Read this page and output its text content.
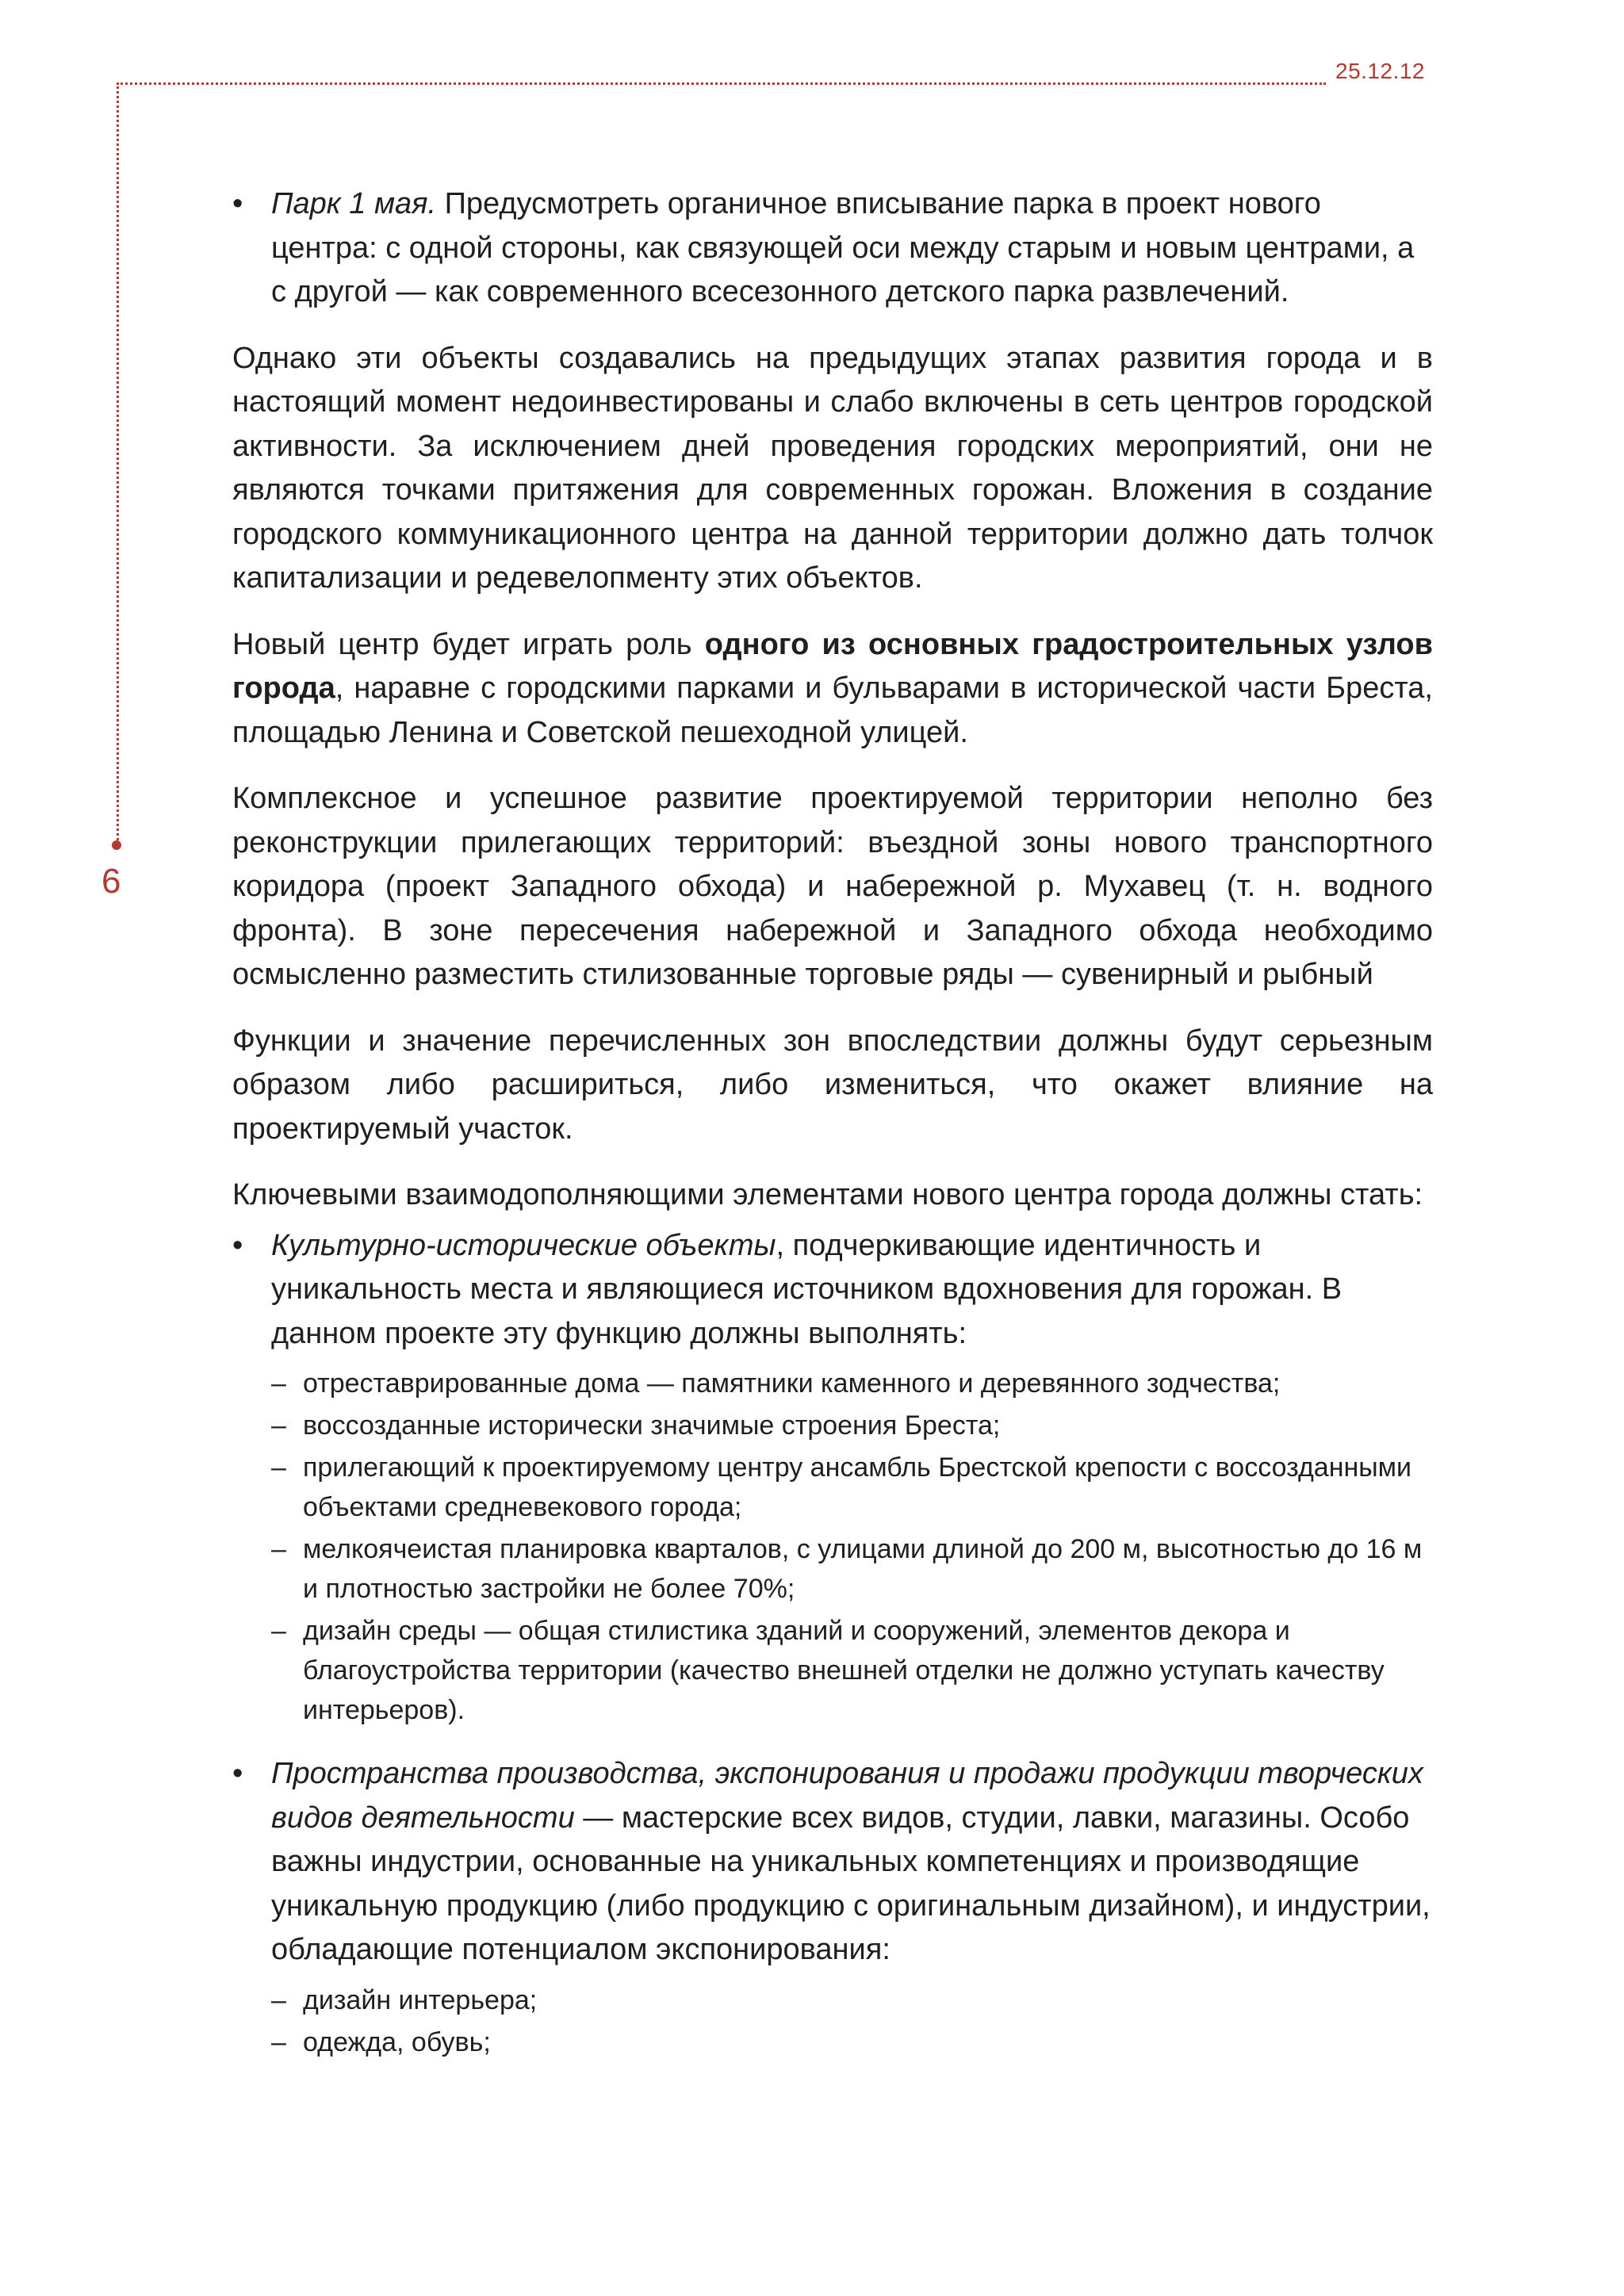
25.12.12
6
• Парк 1 мая. Предусмотреть органичное вписывание парка в проект нового центра: с одной стороны, как связующей оси между старым и новым центрами, а с другой — как современного всесезонного детского парка развлечений.

Однако эти объекты создавались на предыдущих этапах развития города и в настоящий момент недоинвестированы и слабо включены в сеть центров городской активности. За исключением дней проведения городских мероприятий, они не являются точками притяжения для современных горожан. Вложения в создание городского коммуникационного центра на данной территории должно дать толчок капитализации и редевелопменту этих объектов.

Новый центр будет играть роль одного из основных градостроительных узлов города, наравне с городскими парками и бульварами в исторической части Бреста, площадью Ленина и Советской пешеходной улицей.

Комплексное и успешное развитие проектируемой территории неполно без реконструкции прилегающих территорий: въездной зоны нового транспортного коридора (проект Западного обхода) и набережной р. Мухавец (т. н. водного фронта). В зоне пересечения набережной и Западного обхода необходимо осмысленно разместить стилизованные торговые ряды — сувенирный и рыбный

Функции и значение перечисленных зон впоследствии должны будут серьезным образом либо расшириться, либо измениться, что окажет влияние на проектируемый участок.

Ключевыми взаимодополняющими элементами нового центра города должны стать:

• Культурно-исторические объекты, подчеркивающие идентичность и уникальность места и являющиеся источником вдохновения для горожан. В данном проекте эту функцию должны выполнять:

– отреставрированные дома — памятники каменного и деревянного зодчества;
– воссозданные исторически значимые строения Бреста;
– прилегающий к проектируемому центру ансамбль Брестской крепости с воссозданными объектами средневекового города;
– мелкоячеистая планировка кварталов, с улицами длиной до 200 м, высотностью до 16 м и плотностью застройки не более 70%;
– дизайн среды — общая стилистика зданий и сооружений, элементов декора и благоустройства территории (качество внешней отделки не должно уступать качеству интерьеров).
• Пространства производства, экспонирования и продажи продукции творческих видов деятельности — мастерские всех видов, студии, лавки, магазины. Особо важны индустрии, основанные на уникальных компетенциях и производящие уникальную продукцию (либо продукцию с оригинальным дизайном), и индустрии, обладающие потенциалом экспонирования:

– дизайн интерьера;
– одежда, обувь;
